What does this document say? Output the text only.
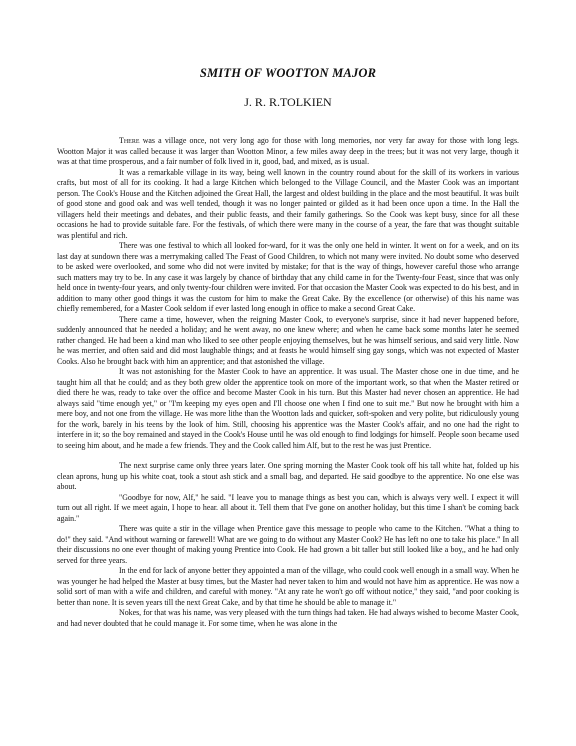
SMITH OF WOOTTON MAJOR
J. R. R.TOLKIEN

There was a village once, not very long ago for those with long memories, nor very far away for those with long legs. Wootton Major it was called because it was larger than Wootton Minor, a few miles away deep in the trees; but it was not very large, though it was at that time prosperous, and a fair number of folk lived in it, good, bad, and mixed, as is usual.

It was a remarkable village in its way, being well known in the country round about for the skill of its workers in various crafts, but most of all for its cooking. It had a large Kitchen which belonged to the Village Council, and the Master Cook was an important person. The Cook's House and the Kitchen adjoined the Great Hall, the largest and oldest building in the place and the most beautiful. It was built of good stone and good oak and was well tended, though it was no longer painted or gilded as it had been once upon a time. In the Hall the villagers held their meetings and debates, and their public feasts, and their family gatherings. So the Cook was kept busy, since for all these occasions he had to provide suitable fare. For the festivals, of which there were many in the course of a year, the fare that was thought suitable was plentiful and rich.

There was one festival to which all looked for-ward, for it was the only one held in winter. It went on for a week, and on its last day at sundown there was a merrymaking called The Feast of Good Children, to which not many were invited. No doubt some who deserved to be asked were overlooked, and some who did not were invited by mistake; for that is the way of things, however careful those who arrange such matters may try to be. In any case it was largely by chance of birthday that any child came in for the Twenty-four Feast, since that was only held once in twenty-four years, and only twenty-four children were invited. For that occasion the Master Cook was expected to do his best, and in addition to many other good things it was the custom for him to make the Great Cake. By the excellence (or otherwise) of this his name was chiefly remembered, for a Master Cook seldom if ever lasted long enough in office to make a second Great Cake.

There came a time, however, when the reigning Master Cook, to everyone's surprise, since it had never happened before, suddenly announced that he needed a holiday; and he went away, no one knew where; and when he came back some months later he seemed rather changed. He had been a kind man who liked to see other people enjoying themselves, but he was himself serious, and said very little. Now he was merrier, and often said and did most laughable things; and at feasts he would himself sing gay songs, which was not expected of Master Cooks. Also he brought back with him an apprentice; and that astonished the village.

It was not astonishing for the Master Cook to have an apprentice. It was usual. The Master chose one in due time, and he taught him all that he could; and as they both grew older the apprentice took on more of the important work, so that when the Master retired or died there he was, ready to take over the office and become Master Cook in his turn. But this Master had never chosen an apprentice. He had always said "time enough yet," or "I'm keeping my eyes open and I'll choose one when I find one to suit me." But now he brought with him a mere boy, and not one from the village. He was more lithe than the Wootton lads and quicker, soft-spoken and very polite, but ridiculously young for the work, barely in his teens by the look of him. Still, choosing his apprentice was the Master Cook's affair, and no one had the right to interfere in it; so the boy remained and stayed in the Cook's House until he was old enough to find lodgings for himself. People soon became used to seeing him about, and he made a few friends. They and the Cook called him Alf, but to the rest he was just Prentice.

The next surprise came only three years later. One spring morning the Master Cook took off his tall white hat, folded up his clean aprons, hung up his white coat, took a stout ash stick and a small bag, and departed. He said goodbye to the apprentice. No one else was about.

"Goodbye for now, Alf," he said. "I leave you to manage things as best you can, which is always very well. I expect it will turn out all right. If we meet again, I hope to hear. all about it. Tell them that I've gone on another holiday, but this time I shan't be coming back again."

There was quite a stir in the village when Prentice gave this message to people who came to the Kitchen. "What a thing to do!" they said. "And without warning or farewell! What are we going to do without any Master Cook? He has left no one to take his place." In all their discussions no one ever thought of making young Prentice into Cook. He had grown a bit taller but still looked like a boy,, and he had only served for three years.

In the end for lack of anyone better they appointed a man of the village, who could cook well enough in a small way. When he was younger he had helped the Master at busy times, but the Master had never taken to him and would not have him as apprentice. He was now a solid sort of man with a wife and children, and careful with money. "At any rate he won't go off without notice," they said, "and poor cooking is better than none. It is seven years till the next Great Cake, and by that time he should be able to manage it."

Nokes, for that was his name, was very pleased with the turn things had taken. He had always wished to become Master Cook, and had never doubted that he could manage it. For some time, when he was alone in the
